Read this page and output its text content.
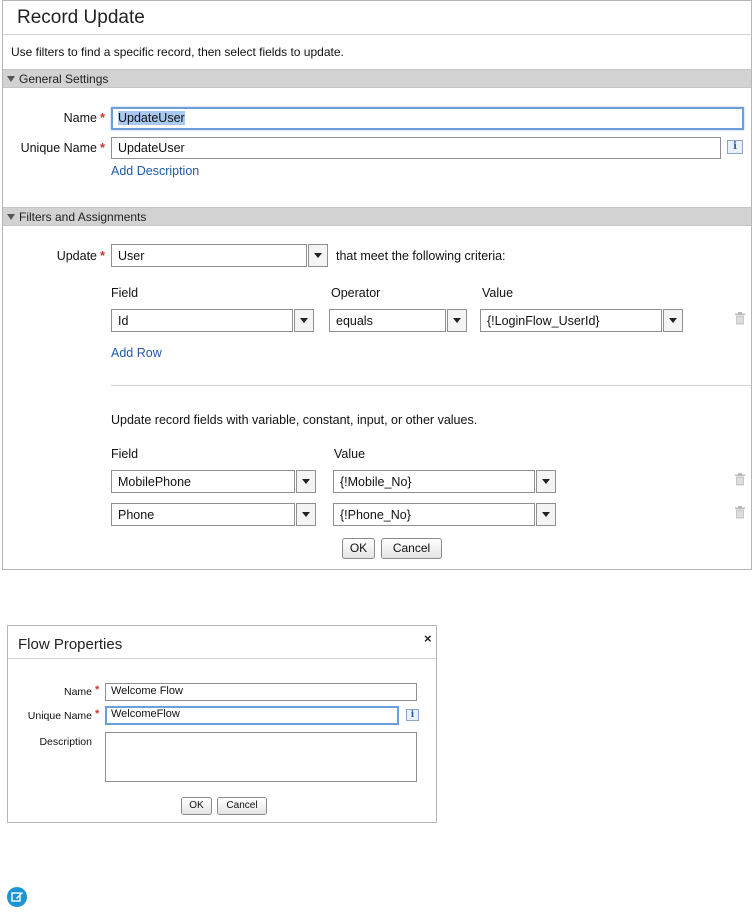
Record Update
Use filters to find a specific record, then select fields to update.
General Settings
Name *	UpdateUser
Unique Name *	UpdateUser	i
Add Description
Filters and Assignments
Update *	User	that meet the following criteria:
Field	Operator	Value
Id	equals	{!LoginFlow_UserId}
Add Row
Update record fields with variable, constant, input, or other values.
Field	Value
MobilePhone	{!Mobile_No}
Phone	{!Phone_No}
OK	Cancel
Flow Properties	×
Name *	Welcome Flow
Unique Name *	WelcomeFlow	i
Description
OK	Cancel
